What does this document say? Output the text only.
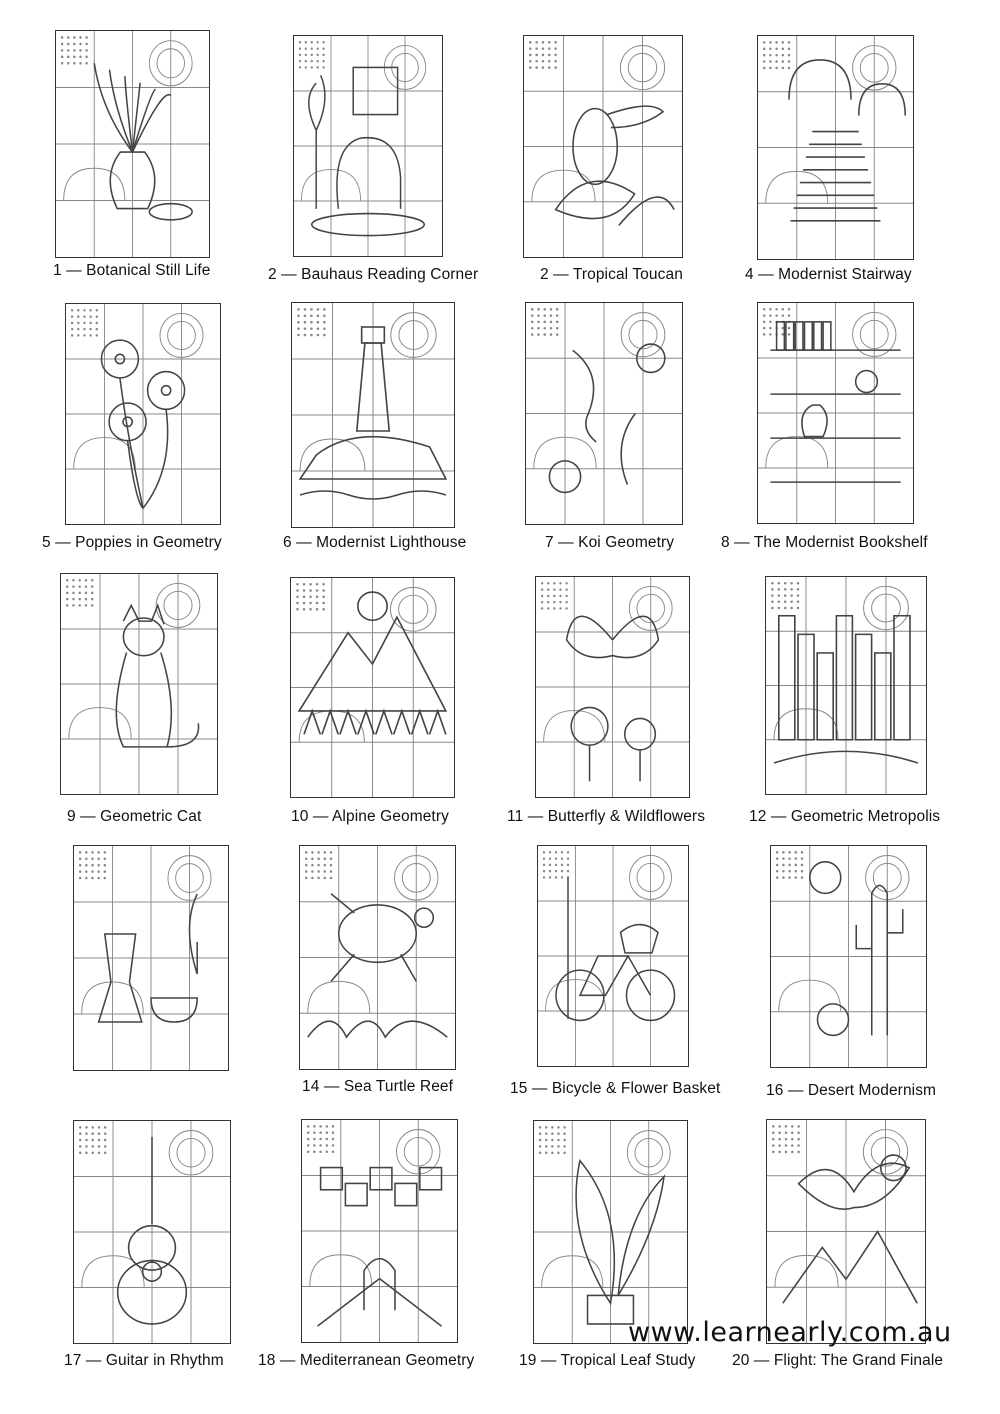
1 — Botanical Still Life	2 — Bauhaus Reading Corner	2 — Tropical Toucan	4 — Modernist Stairway
5 — Poppies in Geometry	6 — Modernist Lighthouse	7 — Koi Geometry	8 — The Modernist Bookshelf
9 — Geometric Cat	10 — Alpine Geometry	11 — Butterfly & Wildflowers	12 — Geometric Metropolis
14 — Sea Turtle Reef	15 — Bicycle & Flower Basket	16 — Desert Modernism
17 — Guitar in Rhythm 18 — Mediterranean Geometry	19 — Tropical Leaf Study 20 — Flight: The Grand Finale
www.learnearly.com.au
